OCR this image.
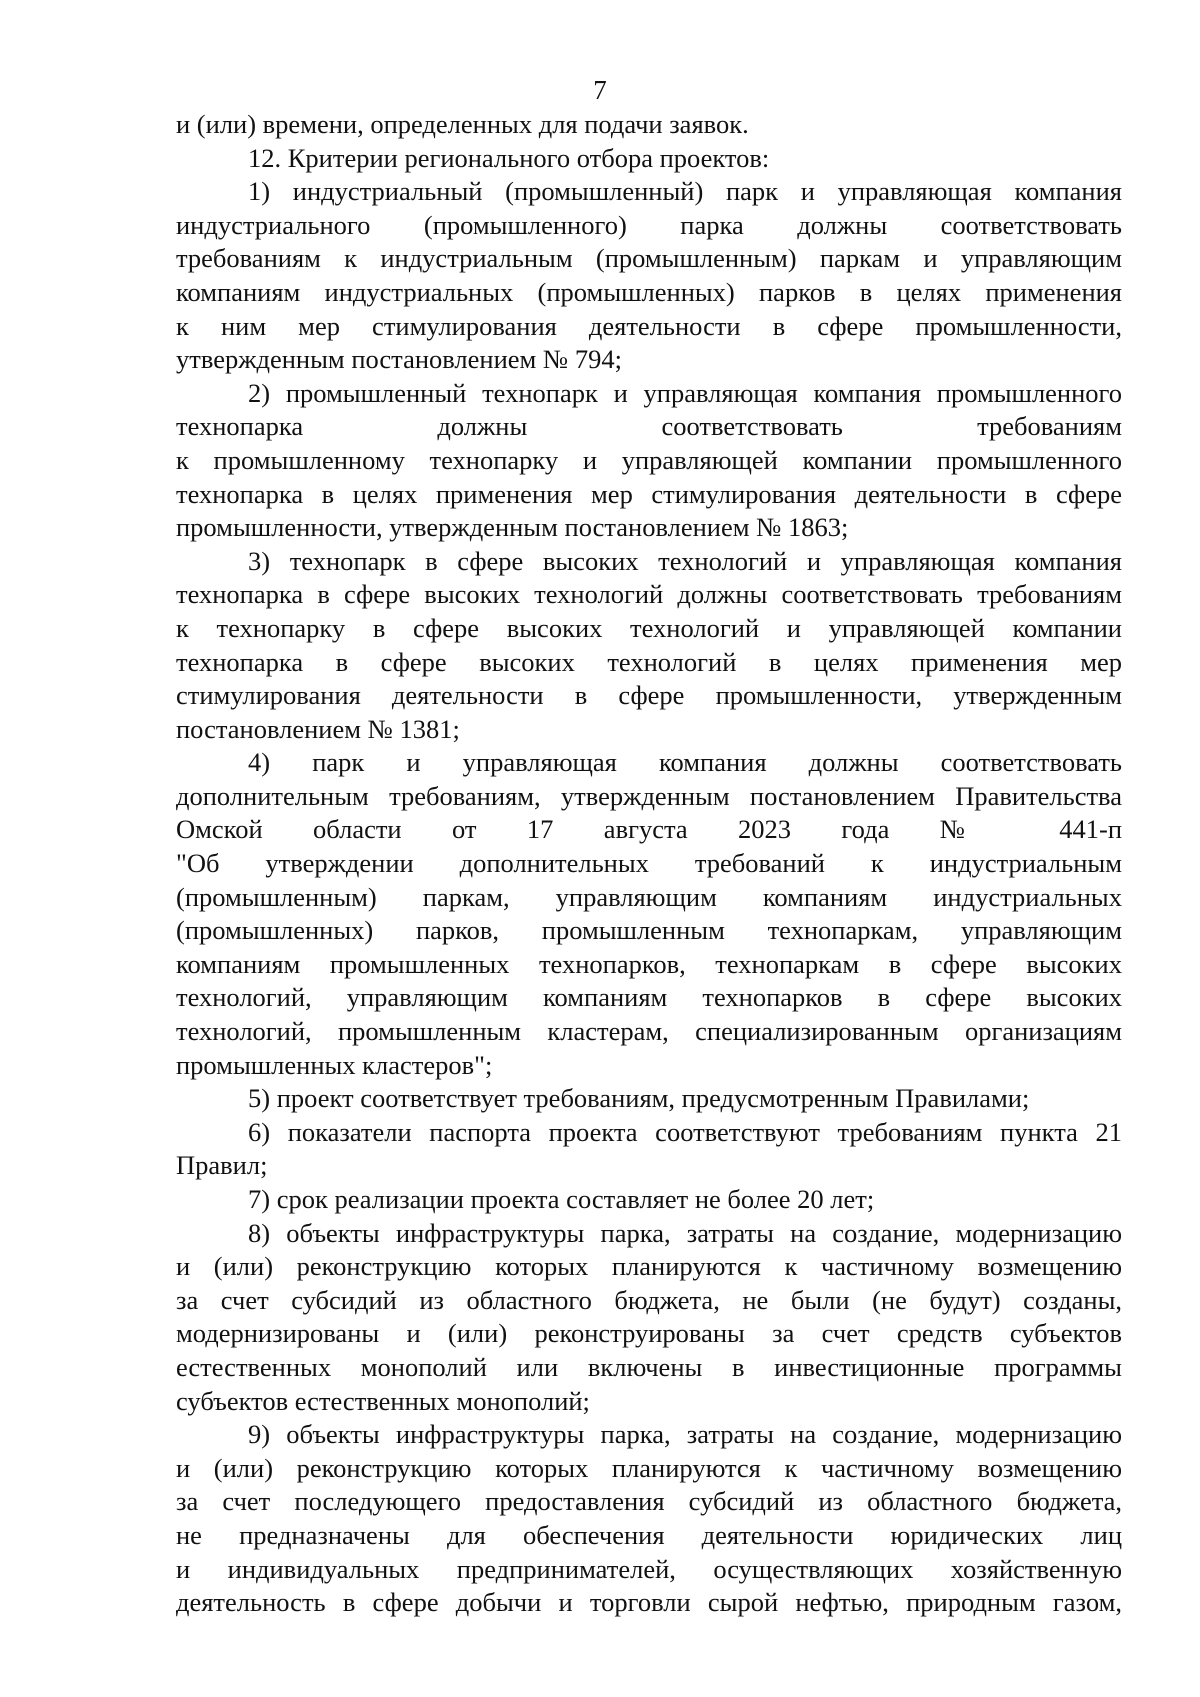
7
и (или) времени, определенных для подачи заявок.
12. Критерии регионального отбора проектов:
1) индустриальный (промышленный) парк и управляющая компания
индустриального (промышленного) парка должны соответствовать
требованиям к индустриальным (промышленным) паркам и управляющим
компаниям индустриальных (промышленных) парков в целях применения
к ним мер стимулирования деятельности в сфере промышленности,
утвержденным постановлением № 794;
2) промышленный технопарк и управляющая компания промышленного
технопарка должны соответствовать требованиям
к промышленному технопарку и управляющей компании промышленного
технопарка в целях применения мер стимулирования деятельности в сфере
промышленности, утвержденным постановлением № 1863;
3) технопарк в сфере высоких технологий и управляющая компания
технопарка в сфере высоких технологий должны соответствовать требованиям
к технопарку в сфере высоких технологий и управляющей компании
технопарка в сфере высоких технологий в целях применения мер
стимулирования деятельности в сфере промышленности, утвержденным
постановлением № 1381;
4) парк и управляющая компания должны соответствовать
дополнительным требованиям, утвержденным постановлением Правительства
Омской области от 17 августа 2023 года № 441-п
"Об утверждении дополнительных требований к индустриальным
(промышленным) паркам, управляющим компаниям индустриальных
(промышленных) парков, промышленным технопаркам, управляющим
компаниям промышленных технопарков, технопаркам в сфере высоких
технологий, управляющим компаниям технопарков в сфере высоких
технологий, промышленным кластерам, специализированным организациям
промышленных кластеров";
5) проект соответствует требованиям, предусмотренным Правилами;
6) показатели паспорта проекта соответствуют требованиям пункта 21
Правил;
7) срок реализации проекта составляет не более 20 лет;
8) объекты инфраструктуры парка, затраты на создание, модернизацию
и (или) реконструкцию которых планируются к частичному возмещению
за счет субсидий из областного бюджета, не были (не будут) созданы,
модернизированы и (или) реконструированы за счет средств субъектов
естественных монополий или включены в инвестиционные программы
субъектов естественных монополий;
9) объекты инфраструктуры парка, затраты на создание, модернизацию
и (или) реконструкцию которых планируются к частичному возмещению
за счет последующего предоставления субсидий из областного бюджета,
не предназначены для обеспечения деятельности юридических лиц
и индивидуальных предпринимателей, осуществляющих хозяйственную
деятельность в сфере добычи и торговли сырой нефтью, природным газом,
